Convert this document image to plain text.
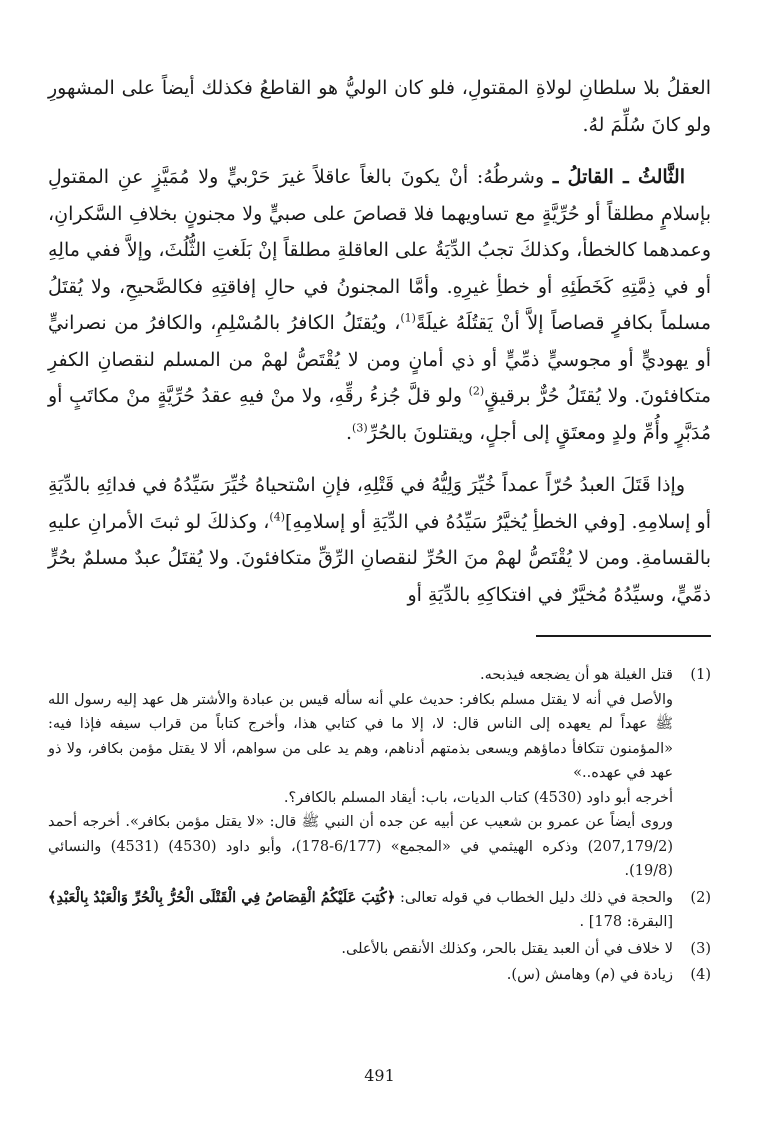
العقلُ بلا سلطانِ لولاةِ المقتولِ، فلو كان الوليُّ هو القاطعُ فكذلك أيضاً على المشهورِ ولو كانَ سُلِّمَ لهُ.

الثَّالثُ ـ القاتلُ ـ وشرطُهُ: أنْ يكونَ بالغاً عاقلاً غيرَ حَرْبيٍّ ولا مُمَيَّزٍ عنِ المقتولِ بإسلامٍ مطلقاً أو حُرِّيَّةٍ مع تساويهما فلا قصاصَ على صبيٍّ ولا مجنونٍ بخلافِ السَّكرانِ، وعمدهما كالخطأ، وكذلكَ تجبُ الدِّيَةُ على العاقلةِ مطلقاً إنْ بَلَغتِ الثُّلُثَ، وإلاَّ ففي مالِهِ أو في ذِمَّتِهِ كَخَطَئِهِ أو خطأِ غيرِهِ. وأمَّا المجنونُ في حالِ إفاقتِهِ فكالصَّحيحِ، ولا يُقتَلُ مسلماً بكافرٍ قصاصاً إلاَّ أنْ يَقتُلَهُ غيلَةً$^{(1)}$، ويُقتَلُ الكافرُ بالمُسْلِمِ، والكافرُ من نصرانيٍّ أو يهوديٍّ أو مجوسيٍّ ذمِّيٍّ أو ذي أمانٍ ومن لا يُقْتَصُّ لهمْ من المسلم لنقصانِ الكفرِ متكافئونَ. ولا يُقتَلُ حُرٌّ برقيقٍ$^{(2)}$ ولو قلَّ جُزءُ رقِّهِ، ولا منْ فيهِ عقدُ حُرِّيَّةٍ منْ مكاتَبٍ أو مُدَبَّرٍ وأُمِّ ولدٍ ومعتَقٍ إلى أجلٍ، ويقتلونَ بالحُرِّ$^{(3)}$.

وإذا قَتَلَ العبدُ حُرّاً عمداً خُيِّرَ وَلِيُّهُ في قَتْلِهِ، فإنِ اسْتحياهُ خُيِّرَ سَيِّدُهُ في فدائِهِ بالدِّيَةِ أو إسلامِهِ. [وفي الخطأِ يُخيَّرُ سَيِّدُهُ في الدِّيَةِ أو إسلامِهِ]$^{(4)}$، وكذلكَ لو ثبتَ الأمرانِ عليهِ بالقسامةِ. ومن لا يُقْتَصُّ لهمْ منَ الحُرِّ لنقصانِ الرِّقِّ متكافئونَ. ولا يُقتَلُ عبدٌ مسلمٌ بحُرٍّ ذمِّيٍّ، وسيِّدُهُ مُخيَّرٌ في افتكاكِهِ بالدِّيَةِ أو

(1)
قتل الغيلة هو أن يضجعه فيذبحه.
والأصل في أنه لا يقتل مسلم بكافر: حديث علي أنه سأله قيس بن عبادة والأشتر هل عهد إليه رسول الله ﷺ عهداً لم يعهده إلى الناس قال: لا، إلا ما في كتابي هذا، وأخرج كتاباً من قراب سيفه فإذا فيه: «المؤمنون تتكافأ دماؤهم ويسعى بذمتهم أدناهم، وهم يد على من سواهم، ألا لا يقتل مؤمن بكافر، ولا ذو عهد في عهده..»
أخرجه أبو داود (4530) كتاب الديات، باب: أيقاد المسلم بالكافر؟.
وروى أيضاً عن عمرو بن شعيب عن أبيه عن جده أن النبي ﷺ قال: «لا يقتل مؤمن بكافر». أخرجه أحمد (207,179/2) وذكره الهيثمي في «المجمع» (6/177-178)، وأبو داود (4530) (4531) والنسائي (19/8).
(2)
والحجة في ذلك دليل الخطاب في قوله تعالى: ﴿كُتِبَ عَلَيْكُمُ الْقِصَاصُ فِي الْقَتْلَى الْحُرُّ بِالْحُرِّ وَالْعَبْدُ بِالْعَبْدِ﴾ [البقرة: 178] .
(3)
لا خلاف في أن العبد يقتل بالحر، وكذلك الأنقص بالأعلى.
(4)
زيادة في (م) وهامش (س).
491
